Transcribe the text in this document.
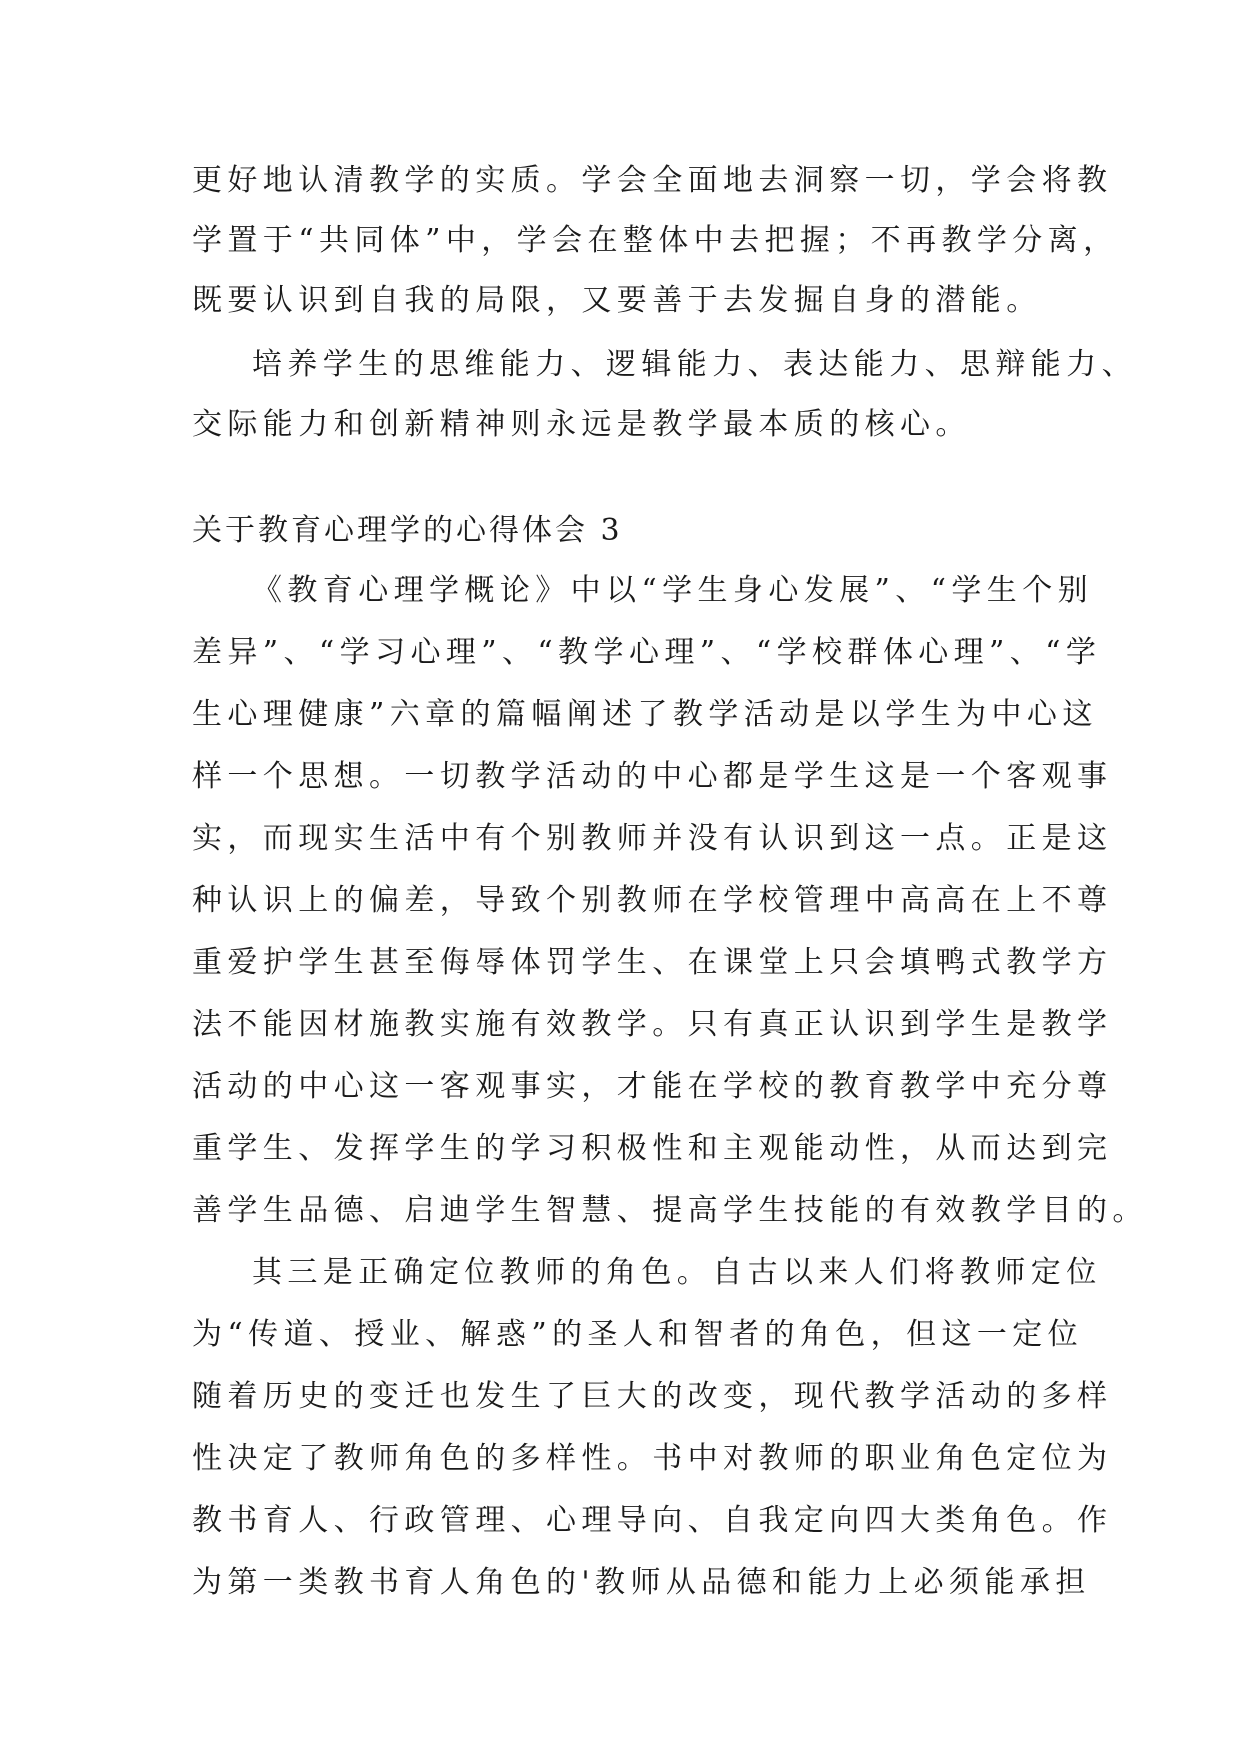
更好地认清教学的实质。学会全面地去洞察一切，学会将教
学置于“共同体”中，学会在整体中去把握；不再教学分离，
既要认识到自我的局限，又要善于去发掘自身的潜能。
培养学生的思维能力、逻辑能力、表达能力、思辩能力、
交际能力和创新精神则永远是教学最本质的核心。
关于教育心理学的心得体会 3
《教育心理学概论》中以“学生身心发展”、“学生个别
差异”、“学习心理”、“教学心理”、“学校群体心理”、“学
生心理健康”六章的篇幅阐述了教学活动是以学生为中心这
样一个思想。一切教学活动的中心都是学生这是一个客观事
实，而现实生活中有个别教师并没有认识到这一点。正是这
种认识上的偏差，导致个别教师在学校管理中高高在上不尊
重爱护学生甚至侮辱体罚学生、在课堂上只会填鸭式教学方
法不能因材施教实施有效教学。只有真正认识到学生是教学
活动的中心这一客观事实，才能在学校的教育教学中充分尊
重学生、发挥学生的学习积极性和主观能动性，从而达到完
善学生品德、启迪学生智慧、提高学生技能的有效教学目的。
其三是正确定位教师的角色。自古以来人们将教师定位
为“传道、授业、解惑”的圣人和智者的角色，但这一定位
随着历史的变迁也发生了巨大的改变，现代教学活动的多样
性决定了教师角色的多样性。书中对教师的职业角色定位为
教书育人、行政管理、心理导向、自我定向四大类角色。作
为第一类教书育人角色的'教师从品德和能力上必须能承担
